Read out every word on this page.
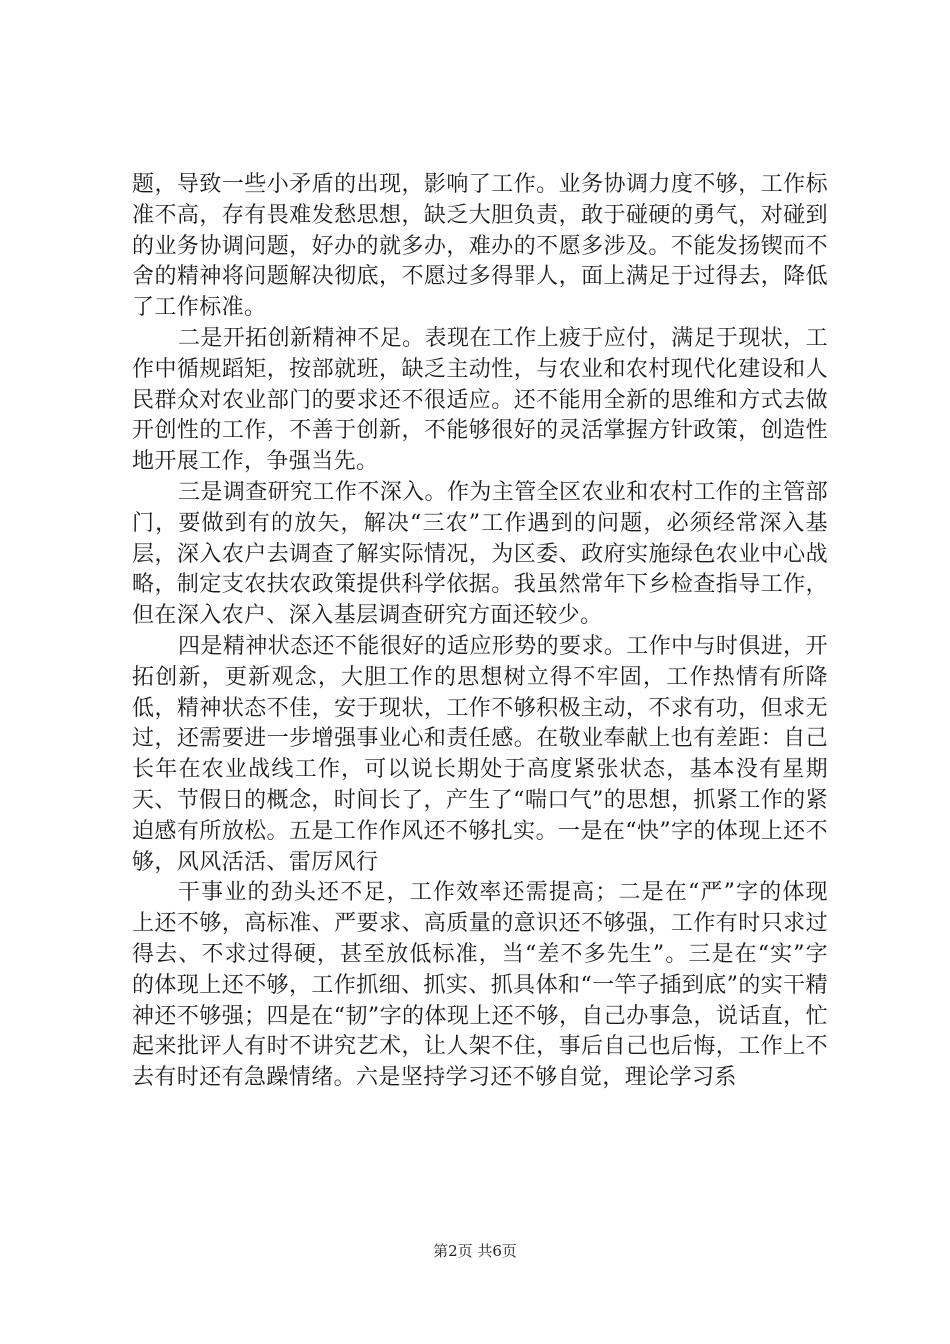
题，导致一些小矛盾的出现，影响了工作。业务协调力度不够，工作标准不高，存有畏难发愁思想，缺乏大胆负责，敢于碰硬的勇气，对碰到的业务协调问题，好办的就多办，难办的不愿多涉及。不能发扬锲而不舍的精神将问题解决彻底，不愿过多得罪人，面上满足于过得去，降低了工作标准。

二是开拓创新精神不足。表现在工作上疲于应付，满足于现状，工作中循规蹈矩，按部就班，缺乏主动性，与农业和农村现代化建设和人民群众对农业部门的要求还不很适应。还不能用全新的思维和方式去做开创性的工作，不善于创新，不能够很好的灵活掌握方针政策，创造性地开展工作，争强当先。

三是调查研究工作不深入。作为主管全区农业和农村工作的主管部门，要做到有的放矢，解决“三农”工作遇到的问题，必须经常深入基层，深入农户去调查了解实际情况，为区委、政府实施绿色农业中心战略，制定支农扶农政策提供科学依据。我虽然常年下乡检查指导工作，但在深入农户、深入基层调查研究方面还较少。

四是精神状态还不能很好的适应形势的要求。工作中与时俱进，开拓创新，更新观念，大胆工作的思想树立得不牢固，工作热情有所降低，精神状态不佳，安于现状，工作不够积极主动，不求有功，但求无过，还需要进一步增强事业心和责任感。在敬业奉献上也有差距：自己长年在农业战线工作，可以说长期处于高度紧张状态，基本没有星期天、节假日的概念，时间长了，产生了“喘口气”的思想，抓紧工作的紧迫感有所放松。五是工作作风还不够扎实。一是在“快”字的体现上还不够，风风活活、雷厉风行

干事业的劲头还不足，工作效率还需提高；二是在“严”字的体现上还不够，高标准、严要求、高质量的意识还不够强，工作有时只求过得去、不求过得硬，甚至放低标准，当“差不多先生”。三是在“实”字的体现上还不够，工作抓细、抓实、抓具体和“一竿子插到底”的实干精神还不够强；四是在“韧”字的体现上还不够，自己办事急，说话直，忙起来批评人有时不讲究艺术，让人架不住，事后自己也后悔，工作上不去有时还有急躁情绪。六是坚持学习还不够自觉，理论学习系

第2页 共6页
